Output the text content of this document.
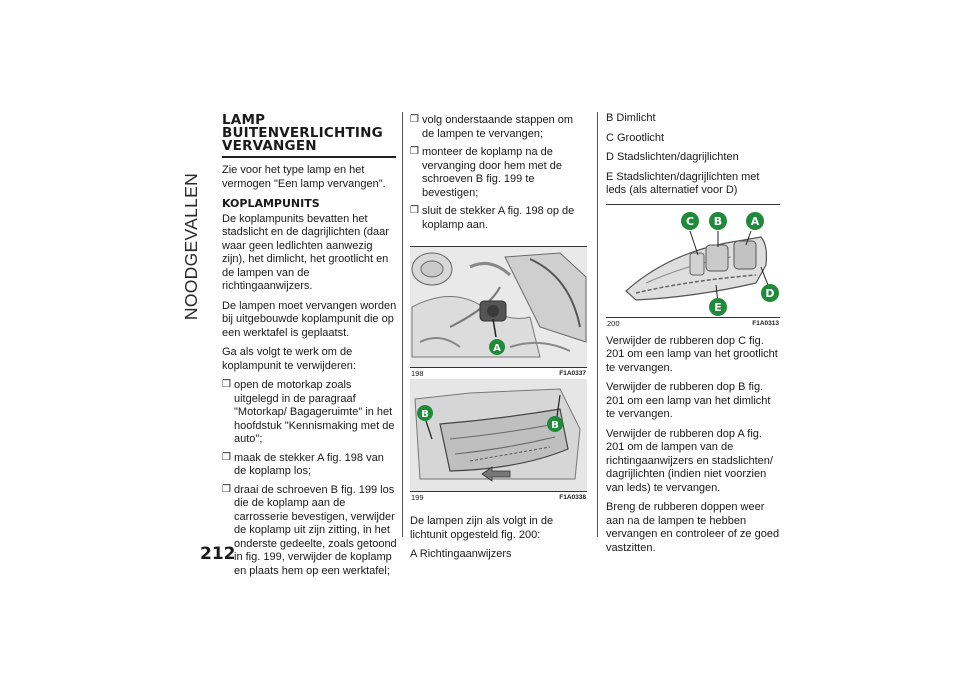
NOODGEVALLEN
212
LAMP
BUITENVERLICHTING
VERVANGEN

Zie voor het type lamp en het vermogen "Een lamp vervangen".

KOPLAMPUNITS

De koplampunits bevatten het stadslicht en de dagrijlichten (daar waar geen ledlichten aanwezig zijn), het dimlicht, het grootlicht en de lampen van de richtingaanwijzers.

De lampen moet vervangen worden bij uitgebouwde koplampunit die op een werktafel is geplaatst.

Ga als volgt te werk om de koplampunit te verwijderen:

❒ open de motorkap zoals uitgelegd in de paragraaf "Motorkap/ Bagageruimte" in het hoofdstuk "Kennismaking met de auto";
❒ maak de stekker A fig. 198 van de koplamp los;
❒ draai de schroeven B fig. 199 los die de koplamp aan de carrosserie bevestigen, verwijder de koplamp uit zijn zitting, in het onderste gedeelte, zoals getoond in fig. 199, verwijder de koplamp en plaats hem op een werktafel;
❒ volg onderstaande stappen om de lampen te vervangen;
❒ monteer de koplamp na de vervanging door hem met de schroeven B fig. 199 te bevestigen;
❒ sluit de stekker A fig. 198 op de koplamp aan.
A
198	F1A0337
B
B
199	F1A0338

De lampen zijn als volgt in de lichtunit opgesteld fig. 200:

A Richtingaanwijzers

B Dimlicht

C Grootlicht

D Stadslichten/dagrijlichten

E Stadslichten/dagrijlichten met leds (als alternatief voor D)

C B	A
D
E
200	F1A0313

Verwijder de rubberen dop C fig. 201 om een lamp van het grootlicht te vervangen.

Verwijder de rubberen dop B fig. 201 om een lamp van het dimlicht te vervangen.

Verwijder de rubberen dop A fig. 201 om de lampen van de richtingaanwijzers en stadslichten/ dagrijlichten (indien niet voorzien van leds) te vervangen.

Breng de rubberen doppen weer aan na de lampen te hebben vervangen en controleer of ze goed vastzitten.
